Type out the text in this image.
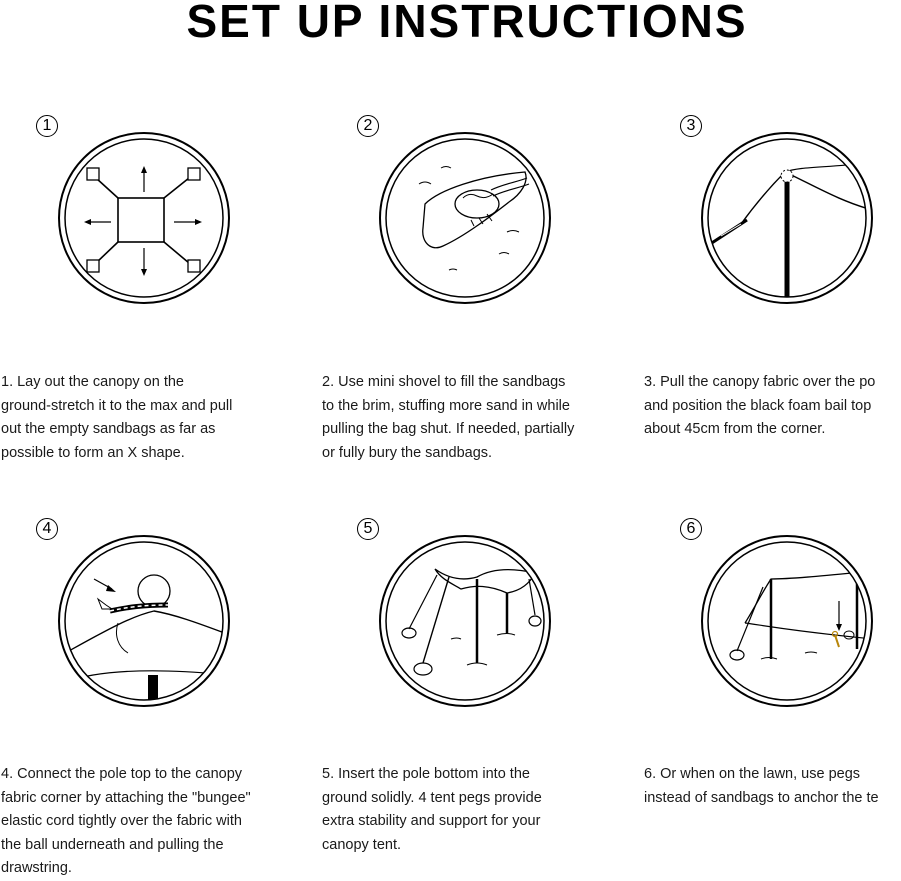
SET UP INSTRUCTIONS
1
1. Lay out the canopy on the
ground-stretch it to the max and pull
out the empty sandbags as far as
possible to form an X shape.
2
2. Use mini shovel to fill the sandbags
to the brim, stuffing more sand in while
pulling the bag shut. If needed, partially
or fully bury the sandbags.
3
3. Pull the canopy fabric over the po
and position the black foam bail top
about 45cm from the corner.
4
4. Connect the pole top to the canopy
fabric corner by attaching the "bungee"
elastic cord tightly over the fabric with
the ball underneath and pulling the
drawstring.
5
5. Insert the pole bottom into the
ground solidly. 4 tent pegs provide
extra stability and support for your
canopy tent.
6
6. Or when on the lawn, use pegs
instead of sandbags to anchor the te
